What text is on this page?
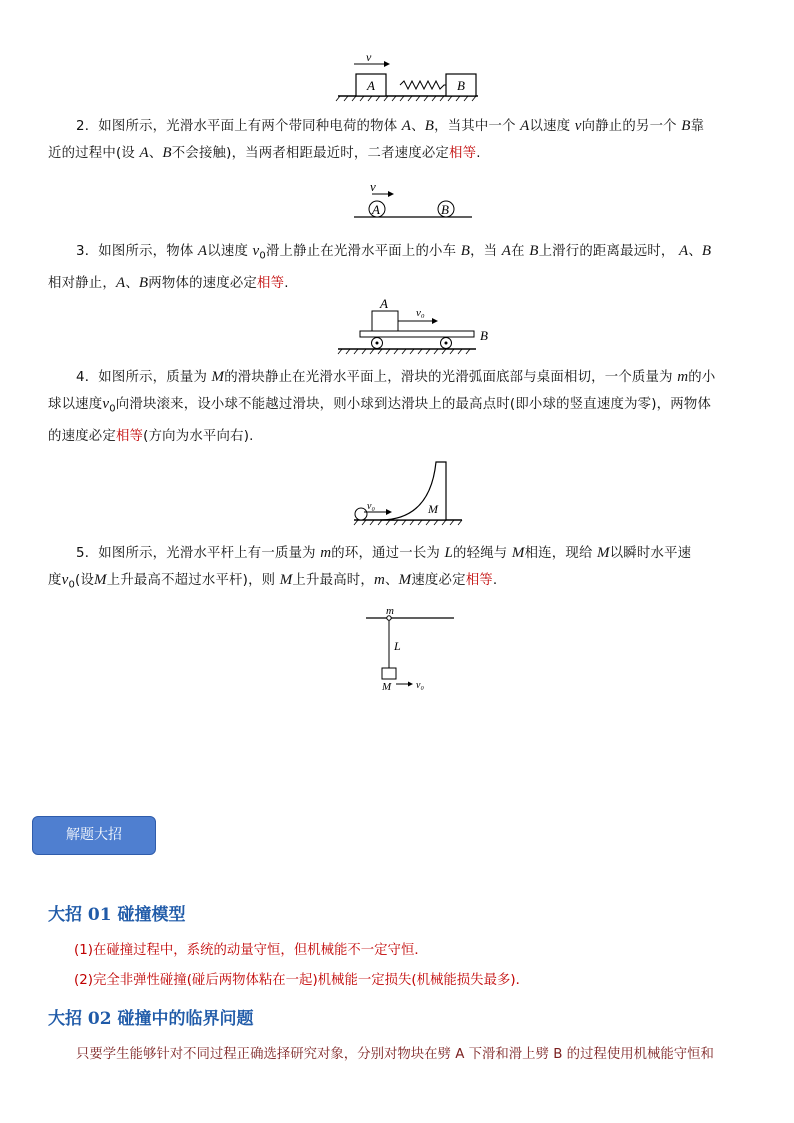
v
A	B

2．如图所示，光滑水平面上有两个带同种电荷的物体 A、B，当其中一个 A以速度 v向静止的另一个 B靠
近的过程中(设 A、B不会接触)，当两者相距最近时，二者速度必定相等.

v
A	B

3．如图所示，物体 A以速度 $v_0$滑上静止在光滑水平面上的小车 B，当 A在 B上滑行的距离最远时， A、B
相对静止，A、B两物体的速度必定相等.

A
v₀
B

4．如图所示，质量为 M的滑块静止在光滑水平面上，滑块的光滑弧面底部与桌面相切，一个质量为 m的小
球以速度$v_0$向滑块滚来，设小球不能越过滑块，则小球到达滑块上的最高点时(即小球的竖直速度为零)，两物体
的速度必定相等(方向为水平向右).

v₀	M

5．如图所示，光滑水平杆上有一质量为 m的环，通过一长为 L的轻绳与 M相连，现给 M以瞬时水平速
度$v_0$(设M上升最高不超过水平杆)，则 M上升最高时，m、M速度必定相等.

m
L
M v₀
解题大招
大招 01 碰撞模型

(1)在碰撞过程中，系统的动量守恒，但机械能不一定守恒．

(2)完全非弹性碰撞(碰后两物体粘在一起)机械能一定损失(机械能损失最多)．

大招 02 碰撞中的临界问题

只要学生能够针对不同过程正确选择研究对象，分别对物块在劈 A 下滑和滑上劈 B 的过程使用机械能守恒和
